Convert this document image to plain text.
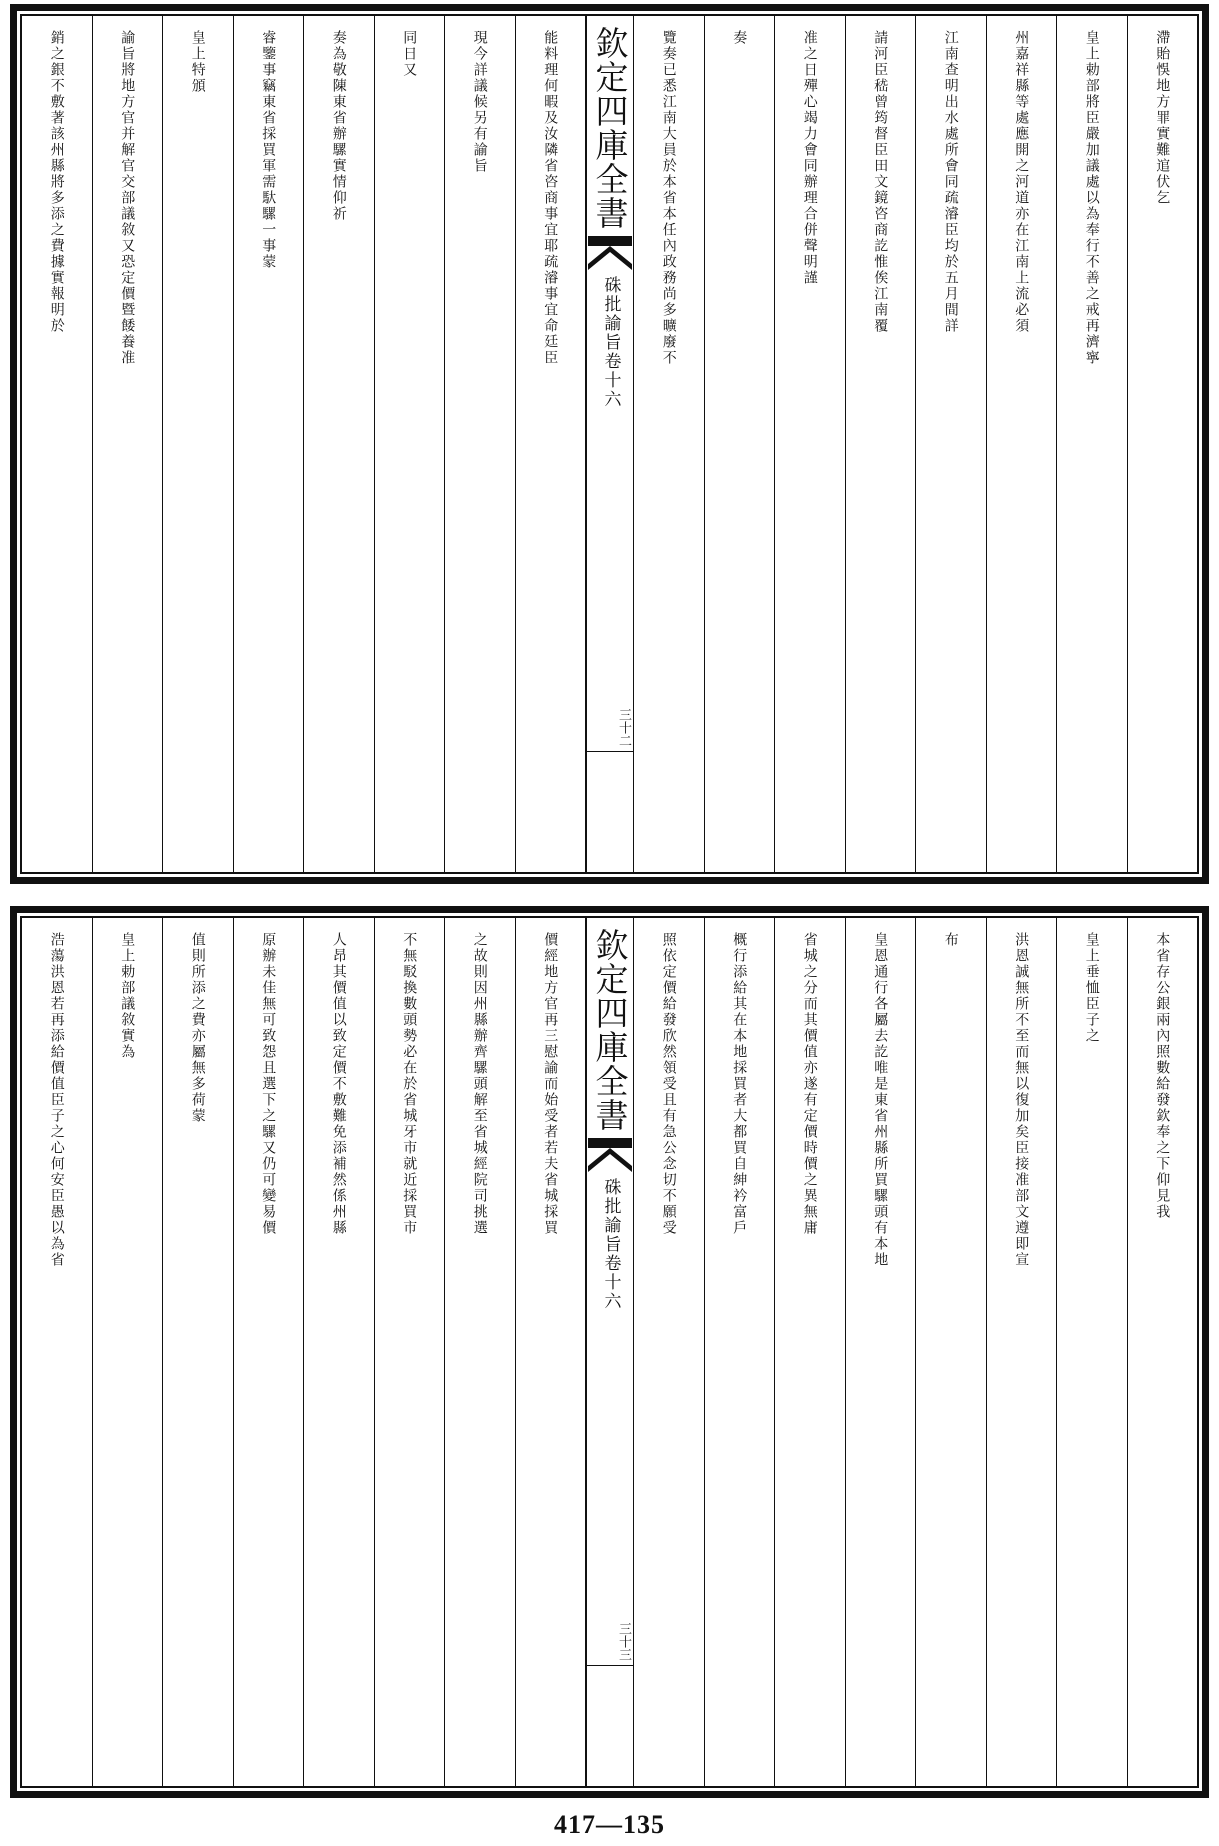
銷之銀不敷著該州縣將多添之費據實報明於	諭旨將地方官并解官交部議敘又恐定價暨餧養准	皇上特頒	睿鑒事竊東省採買軍需馱騾一事蒙	奏為敬陳東省辦騾實情仰祈	同日又	現今詳議候另有諭旨	能料理何暇及汝隣省咨商事宜耶疏濬事宜命廷臣 欽定四庫全書
硃批諭旨卷十六
三十二
覽奏已悉江南大員於本省本任內政務尚多曠廢不	奏	准之日殫心竭力會同辦理合併聲明謹	請河臣嵇曾筠督臣田文鏡咨商訖惟俟江南覆	江南查明出水處所會同疏濬臣均於五月間詳	州嘉祥縣等處應開之河道亦在江南上流必須	皇上勅部將臣嚴加議處以為奉行不善之戒再濟寧	滯貽悞地方罪實難逭伏乞
浩蕩洪恩若再添給價值臣子之心何安臣愚以為省	皇上勅部議敘實為	值則所添之費亦屬無多荷蒙	原辦未佳無可致怨且選下之騾又仍可變易價	人昂其價值以致定價不敷難免添補然係州縣	不無駁換數頭勢必在於省城牙市就近採買市	之故則因州縣辦齊騾頭解至省城經院司挑選	價經地方官再三慰諭而始受者若夫省城採買 欽定四庫全書
硃批諭旨卷十六
三十三
照依定價給發欣然領受且有急公念切不願受	概行添給其在本地採買者大都買自紳衿富戶	省城之分而其價值亦遂有定價時價之異無庸	皇恩通行各屬去訖唯是東省州縣所買騾頭有本地	布	洪恩誠無所不至而無以復加矣臣接准部文遵即宣	皇上垂恤臣子之	本省存公銀兩內照數給發欽奉之下仰見我
417—135
